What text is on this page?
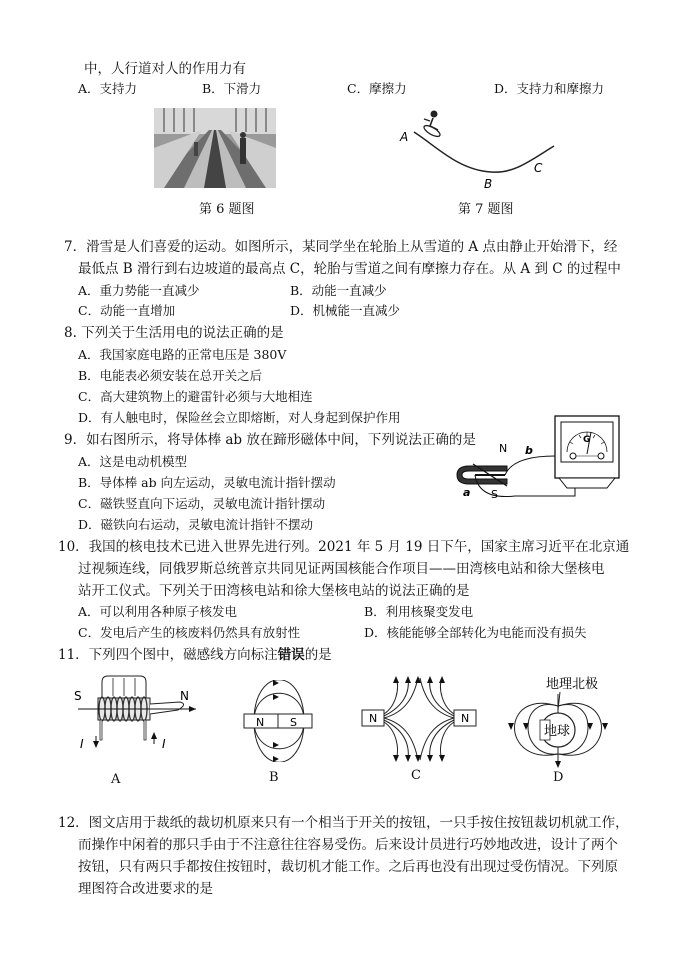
中，人行道对人的作用力有
A．支持力	B．下滑力	C．摩擦力	D．支持力和摩擦力
第 6 题图
A
B
C
第 7 题图
7．滑雪是人们喜爱的运动。如图所示，某同学坐在轮胎上从雪道的 A 点由静止开始滑下，经
最低点 B 滑行到右边坡道的最高点 C，轮胎与雪道之间有摩擦力存在。从 A 到 C 的过程中
A．重力势能一直减少	B．动能一直减少
C．动能一直增加	D．机械能一直减少
8. 下列关于生活用电的说法正确的是
A．我国家庭电路的正常电压是 380V
B．电能表必须安装在总开关之后
C．高大建筑物上的避雷针必须与大地相连
D．有人触电时，保险丝会立即熔断，对人身起到保护作用
9．如右图所示，将导体棒 ab 放在蹄形磁体中间，下列说法正确的是
A．这是电动机模型
B．导体棒 ab 向左运动，灵敏电流计指针摆动
C．磁铁竖直向下运动，灵敏电流计指针摆动
D．磁铁向右运动，灵敏电流计指针不摆动
N b
G
a S
10．我国的核电技术已进入世界先进行列。2021 年 5 月 19 日下午，国家主席习近平在北京通
过视频连线，同俄罗斯总统普京共同见证两国核能合作项目——田湾核电站和徐大堡核电
站开工仪式。下列关于田湾核电站和徐大堡核电站的说法正确的是
A．可以利用各种原子核发电	B．利用核聚变发电
C．发电后产生的核废料仍然具有放射性	D．核能能够全部转化为电能而没有损失
11．下列四个图中，磁感线方向标注错误的是
S	N
I	I
A
N S
B
N	N
C
地理北极
地球
D
12．图文店用于裁纸的裁切机原来只有一个相当于开关的按钮，一只手按住按钮裁切机就工作，
而操作中闲着的那只手由于不注意往往容易受伤。后来设计员进行巧妙地改进，设计了两个
按钮，只有两只手都按住按钮时，裁切机才能工作。之后再也没有出现过受伤情况。下列原
理图符合改进要求的是
